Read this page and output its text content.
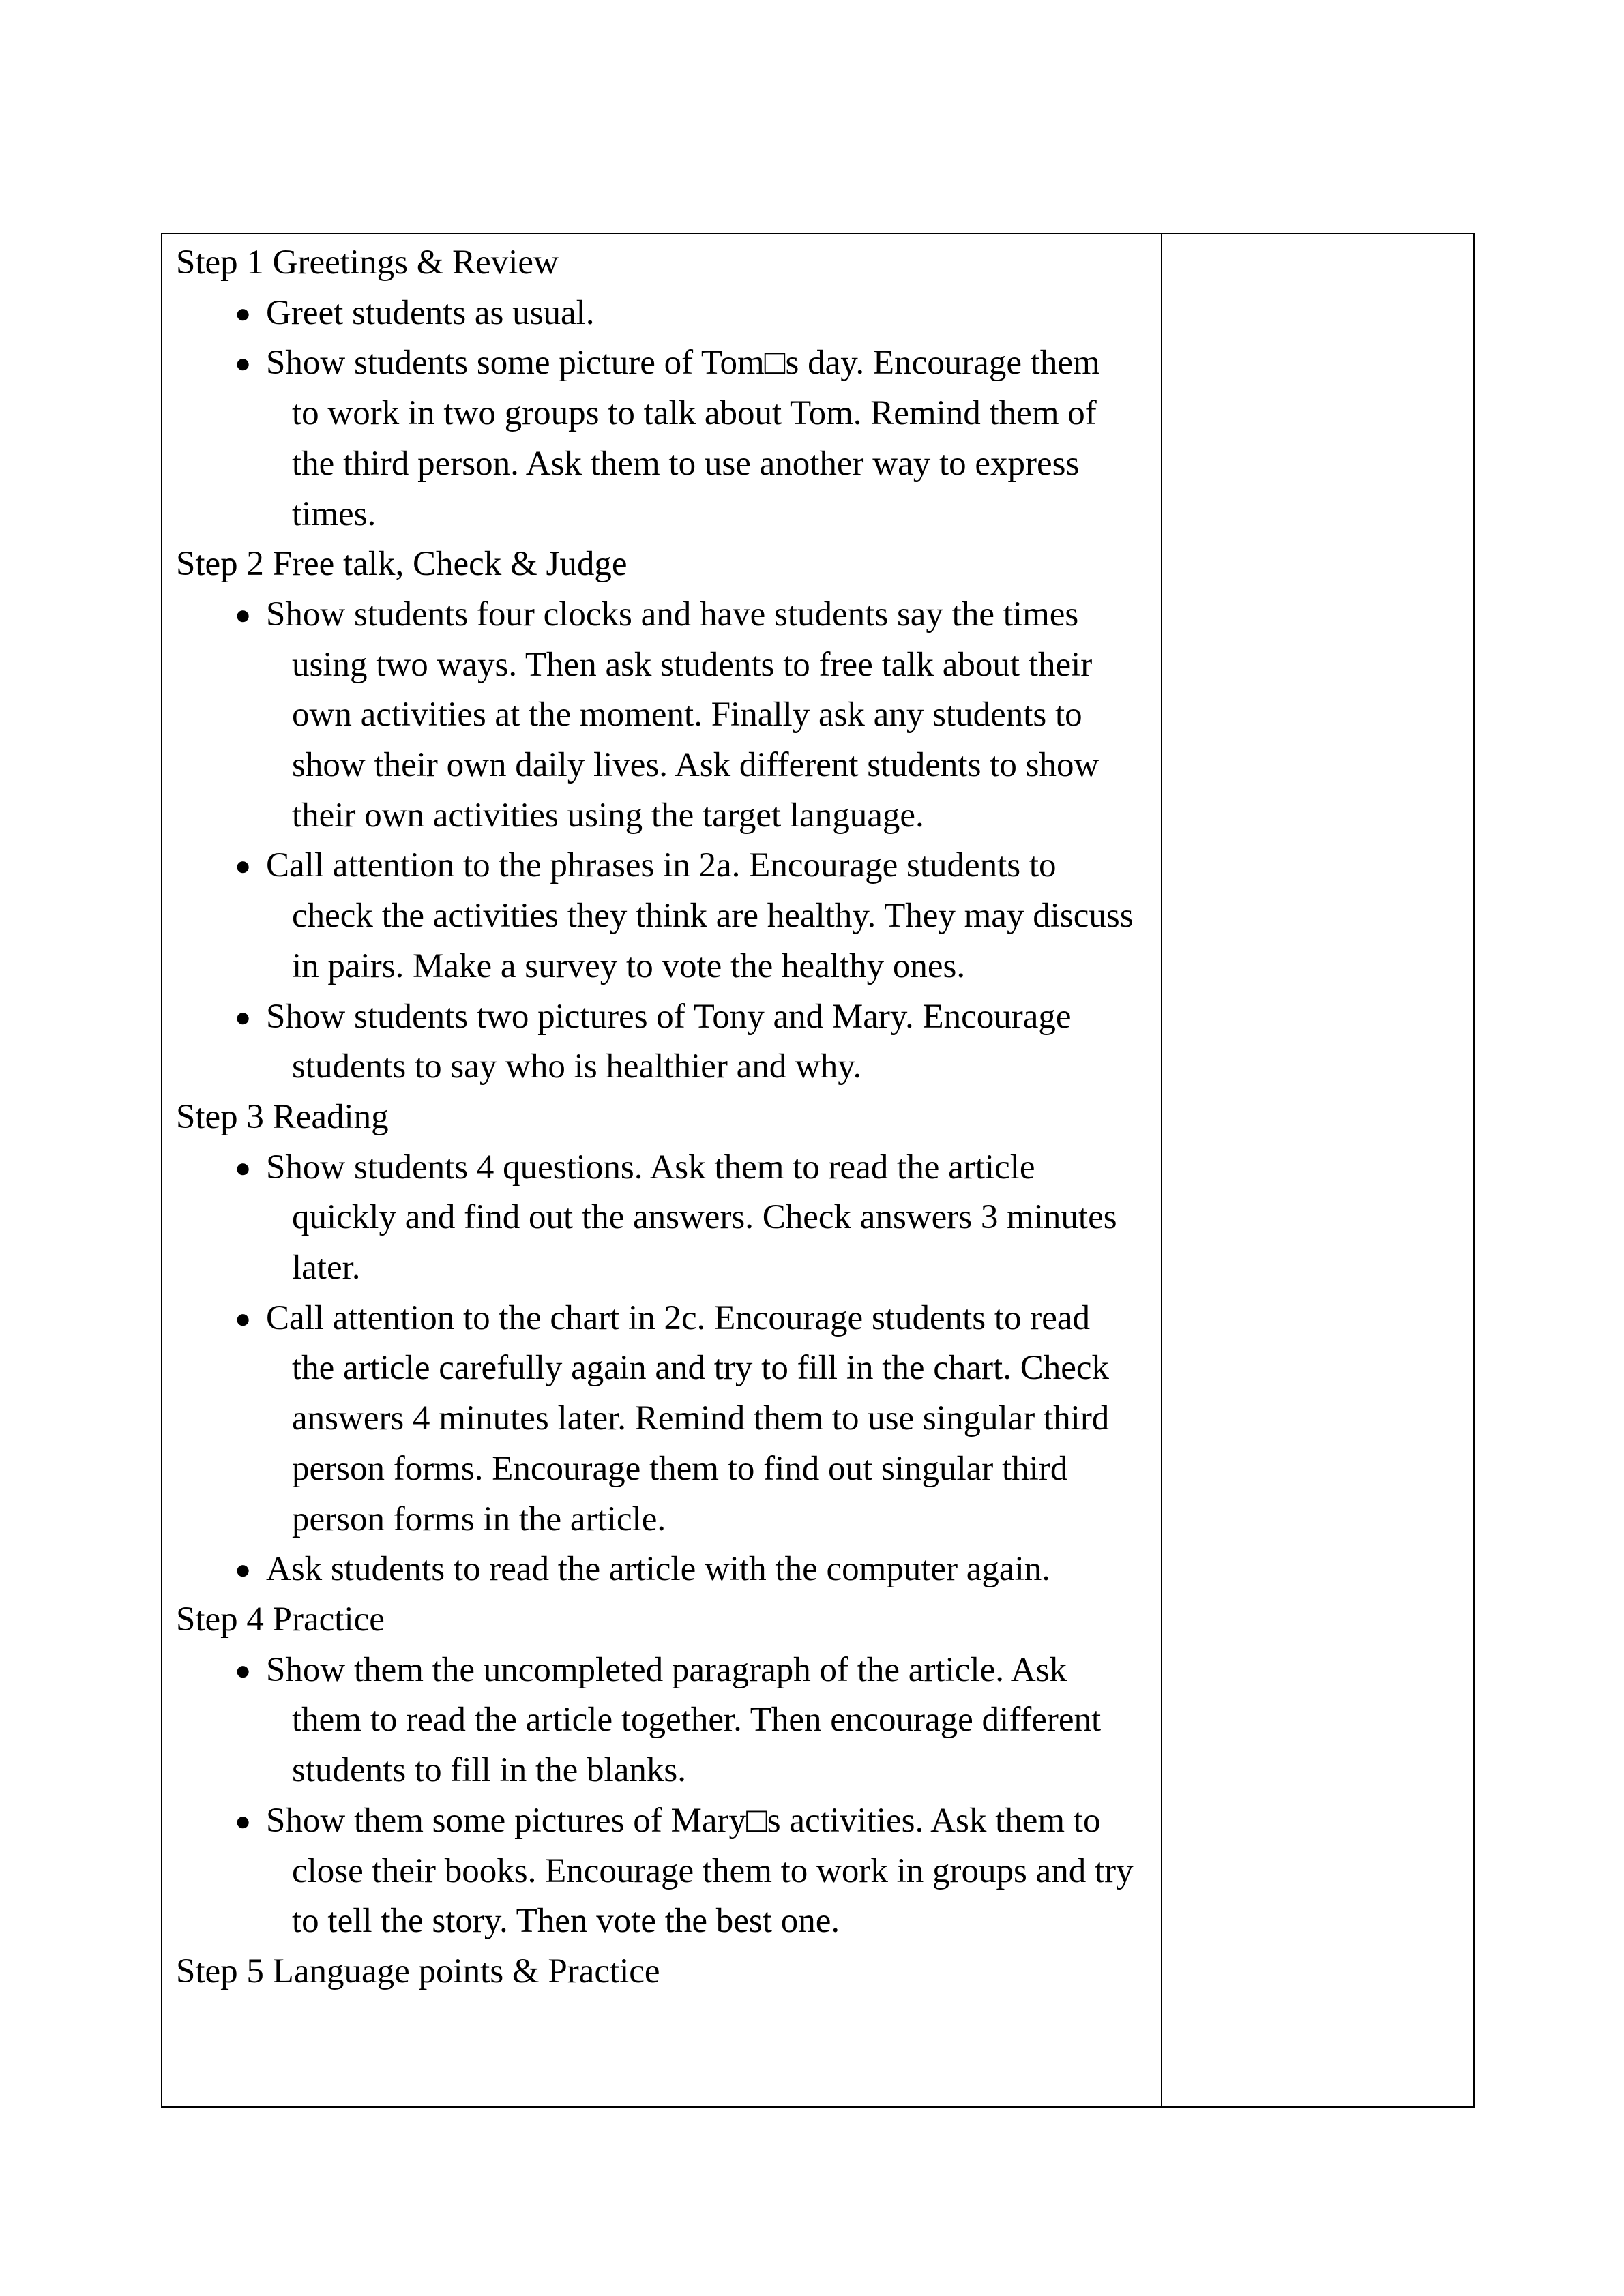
Step 1 Greetings & Review

● Greet students as usual.
● Show students some picture of Tom□s day. Encourage them to work in two groups to talk about Tom. Remind them of the third person. Ask them to use another way to express times.

Step 2 Free talk, Check & Judge

● Show students four clocks and have students say the times using two ways. Then ask students to free talk about their own activities at the moment. Finally ask any students to show their own daily lives. Ask different students to show their own activities using the target language.
● Call attention to the phrases in 2a. Encourage students to check the activities they think are healthy. They may discuss in pairs. Make a survey to vote the healthy ones.
● Show students two pictures of Tony and Mary. Encourage students to say who is healthier and why.

Step 3 Reading

● Show students 4 questions. Ask them to read the article quickly and find out the answers. Check answers 3 minutes later.
● Call attention to the chart in 2c. Encourage students to read the article carefully again and try to fill in the chart. Check answers 4 minutes later. Remind them to use singular third person forms. Encourage them to find out singular third person forms in the article.
● Ask students to read the article with the computer again.

Step 4 Practice

● Show them the uncompleted paragraph of the article. Ask them to read the article together. Then encourage different students to fill in the blanks.
● Show them some pictures of Mary□s activities. Ask them to close their books. Encourage them to work in groups and try to tell the story. Then vote the best one.

Step 5 Language points & Practice
